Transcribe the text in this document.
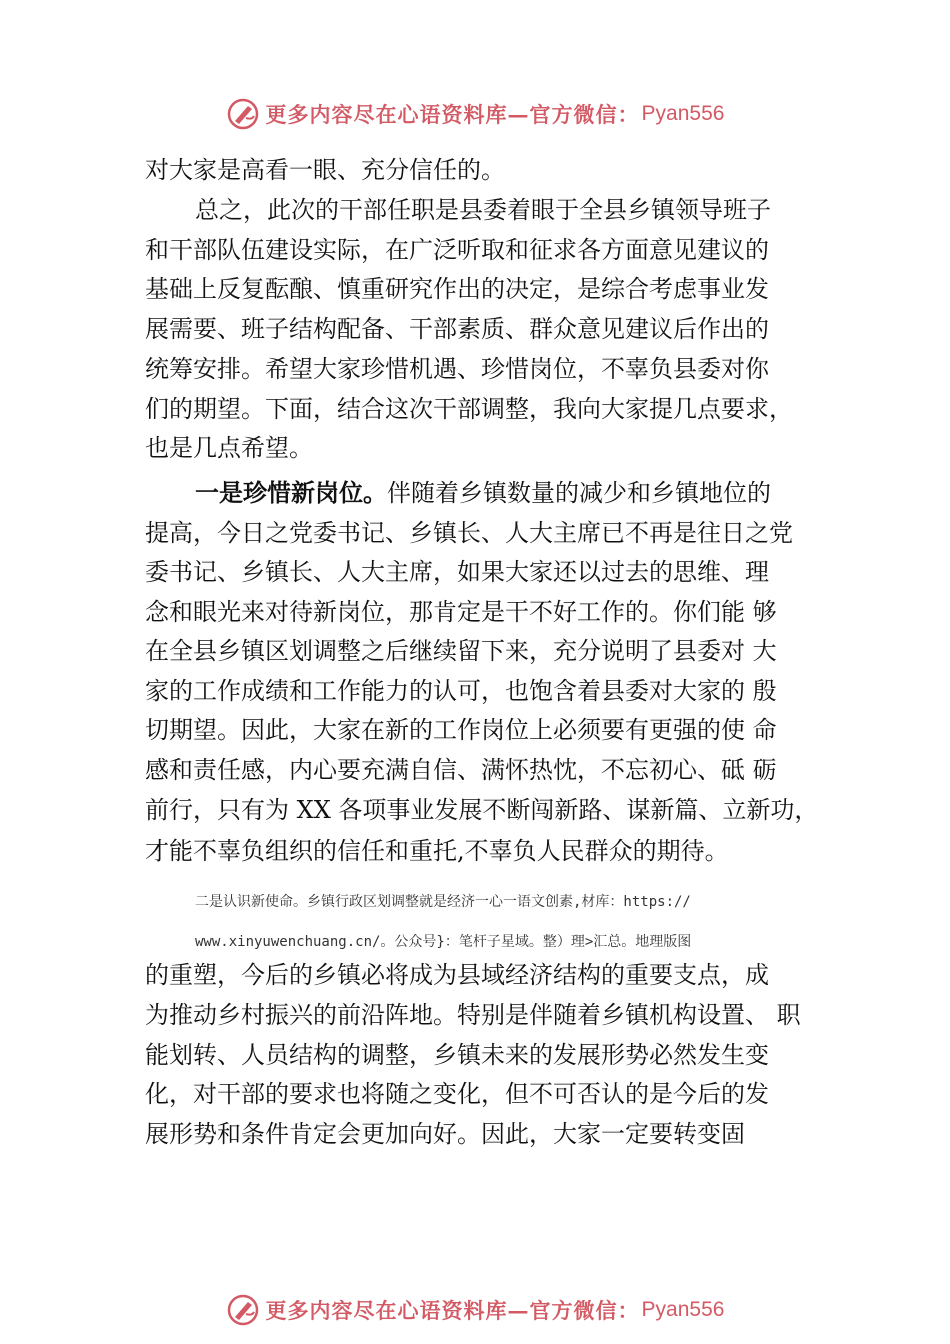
更多内容尽在心语资料库—官方微信： Pyan556
对大家是高看一眼、充分信任的。
总之，此次的干部任职是县委着眼于全县乡镇领导班子
和干部队伍建设实际，在广泛听取和征求各方面意见建议的
基础上反复酝酿、慎重研究作出的决定，是综合考虑事业发
展需要、班子结构配备、干部素质、群众意见建议后作出的
统筹安排。希望大家珍惜机遇、珍惜岗位，不辜负县委对你
们的期望。下面，结合这次干部调整，我向大家提几点要求，
也是几点希望。
一是珍惜新岗位。伴随着乡镇数量的减少和乡镇地位的
提高，今日之党委书记、乡镇长、人大主席已不再是往日之党
委书记、乡镇长、人大主席，如果大家还以过去的思维、理
念和眼光来对待新岗位，那肯定是干不好工作的。你们能 够
在全县乡镇区划调整之后继续留下来，充分说明了县委对 大
家的工作成绩和工作能力的认可，也饱含着县委对大家的 殷
切期望。因此，大家在新的工作岗位上必须要有更强的使 命
感和责任感，内心要充满自信、满怀热忱，不忘初心、砥 砺
前行，只有为 XX 各项事业发展不断闯新路、谋新篇、立新功，
才能不辜负组织的信任和重托,不辜负人民群众的期待。
二是认识新使命。乡镇行政区划调整就是经济一心一语文创素,材库：https://
www.xinyuwenchuang.cn/。公众号}：笔杆子星域。整）理>汇总。地理版图
的重塑，今后的乡镇必将成为县域经济结构的重要支点，成
为推动乡村振兴的前沿阵地。特别是伴随着乡镇机构设置、 职
能划转、人员结构的调整，乡镇未来的发展形势必然发生变
化，对干部的要求也将随之变化，但不可否认的是今后的发
展形势和条件肯定会更加向好。因此，大家一定要转变固
更多内容尽在心语资料库—官方微信： Pyan556
